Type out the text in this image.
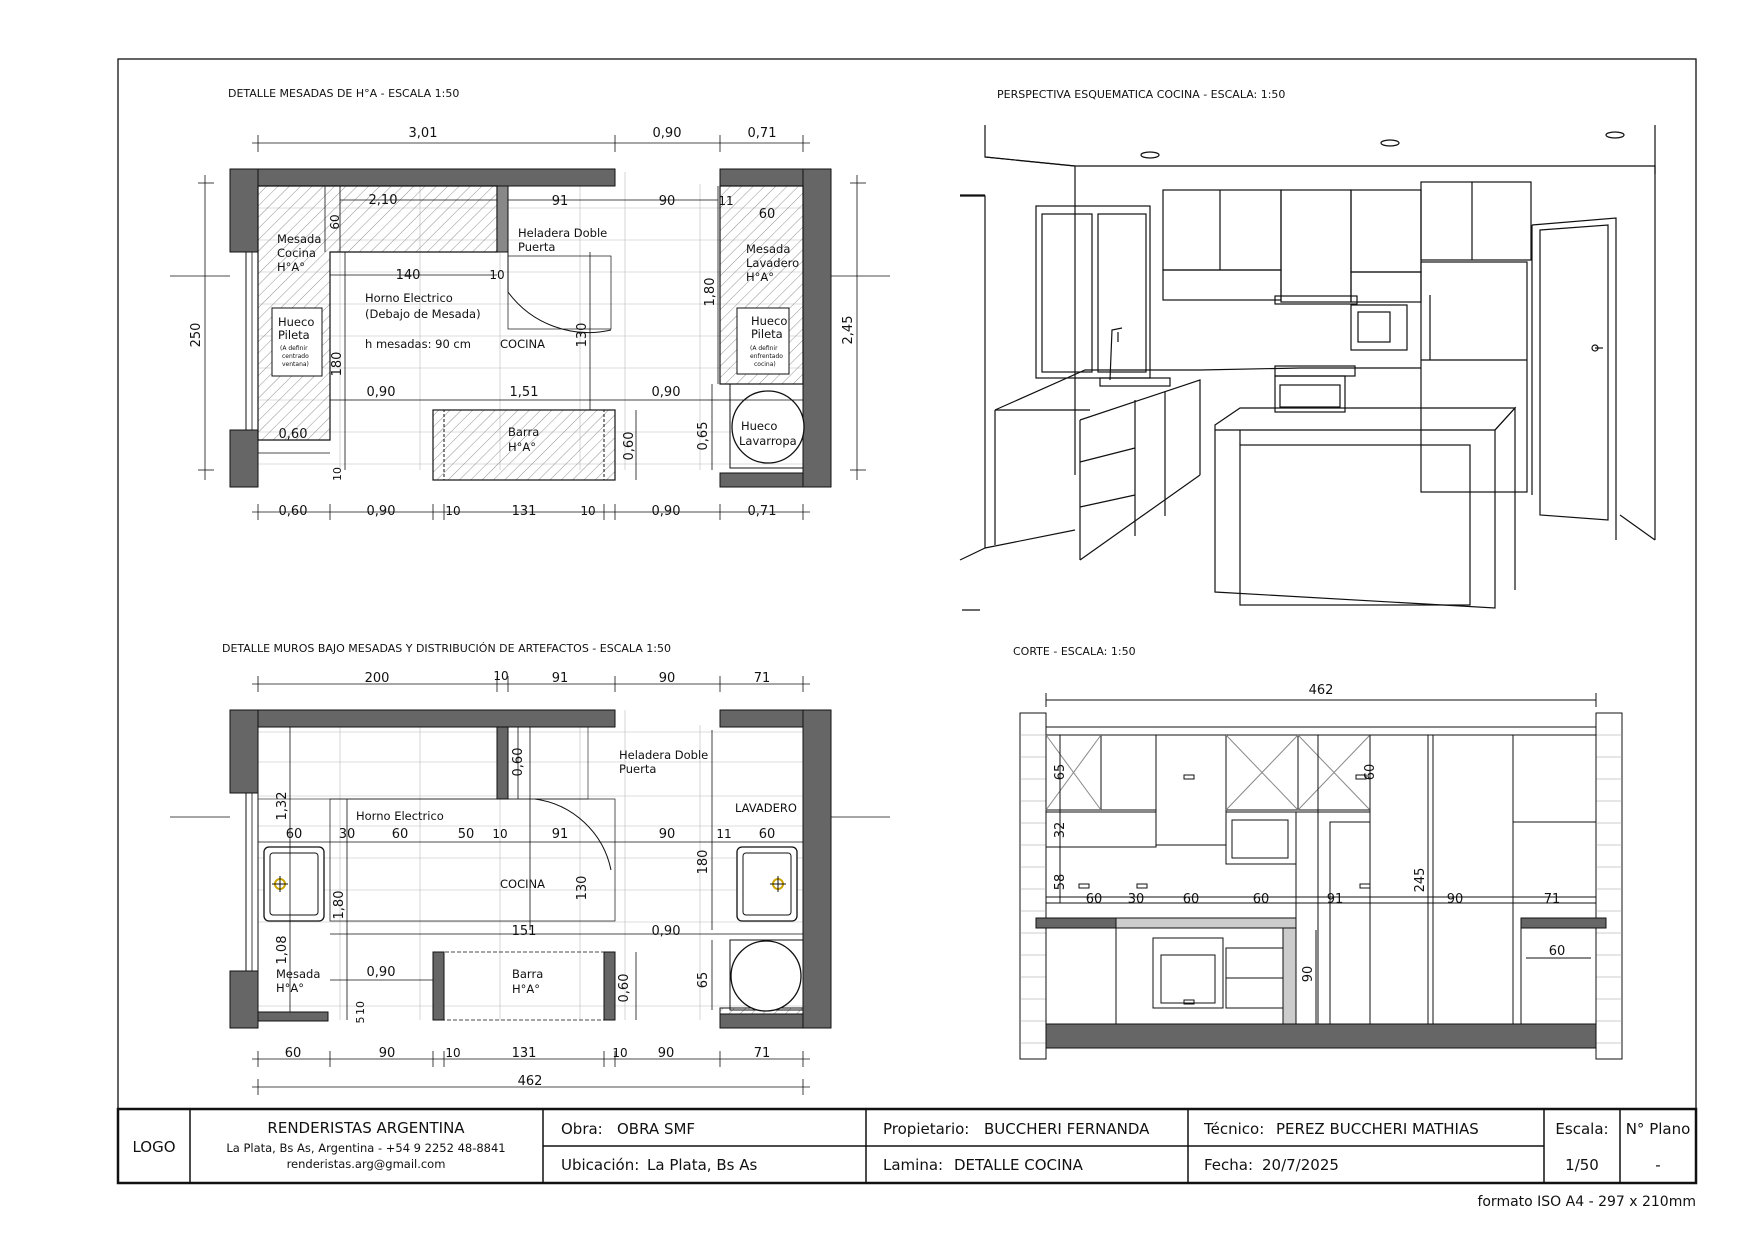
DETALLE MESADAS DE H°A - ESCALA 1:50	PERSPECTIVA ESQUEMATICA COCINA - ESCALA: 1:50
DETALLE MUROS BAJO MESADAS Y DISTRIBUCIÓN DE ARTEFACTOS - ESCALA 1:50	CORTE - ESCALA: 1:50
3,01	0,90	0,71
0,60	0,90	10	131	10	0,90	0,71
250	2,45
2,10
60
91	90	11
60
140	10
1,80
130
180
0,90	1,51	0,90
0,60	0,60	0,65
10
Mesada
Cocina
H°A°
Heladera Doble
Puerta	Mesada
Lavadero
H°A°
Horno Electrico
(Debajo de Mesada)
h mesadas: 90 cm	COCINA
Hueco
Pileta
(A definir
centrado
ventana)
Hueco
Pileta
(A definir
enfrentado
cocina)
Barra
H°A°
Hueco
Lavarropa
200	10	91	90	71
60	90	10	131	10 90	71
462
1,32
0,60
60	30	60	50 10	91	90	11 60
1,80
130
180
1,08
151	0,90
0,90
0,60	65
5
10
Horno Electrico
Heladera Doble
Puerta
LAVADERO
COCINA
Mesada
H°A°
Barra
H°A°
462
65
32
58
60
245
90
60 30	60	60	91	90	71
60
LOGO
RENDERISTAS ARGENTINA
La Plata, Bs As, Argentina - +54 9 2252 48-8841
renderistas.arg@gmail.com
Obra: OBRA SMF
Ubicación: La Plata, Bs As
Propietario: BUCCHERI FERNANDA
Lamina: DETALLE COCINA
Técnico: PEREZ BUCCHERI MATHIAS
Fecha: 20/7/2025
Escala:
1/50
N° Plano
-
formato ISO A4 - 297 x 210mm
